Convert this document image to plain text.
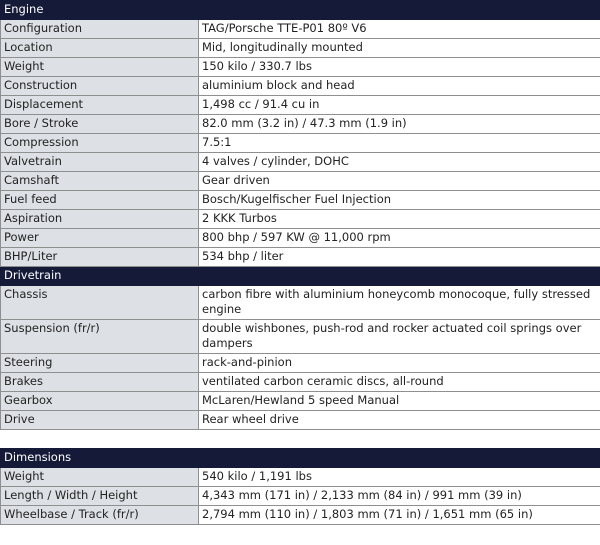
Engine	
Configuration	TAG/Porsche TTE-P01 80º V6
Location	Mid, longitudinally mounted
Weight	150 kilo / 330.7 lbs
Construction	aluminium block and head
Displacement	1,498 cc / 91.4 cu in
Bore / Stroke	82.0 mm (3.2 in) / 47.3 mm (1.9 in)
Compression	7.5:1
Valvetrain	4 valves / cylinder, DOHC
Camshaft	Gear driven
Fuel feed	Bosch/Kugelfischer Fuel Injection
Aspiration	2 KKK Turbos
Power	800 bhp / 597 KW @ 11,000 rpm
BHP/Liter	534 bhp / liter
Drivetrain	
Chassis	carbon fibre with aluminium honeycomb monocoque, fully stressed engine
Suspension (fr/r)	double wishbones, push-rod and rocker actuated coil springs over dampers
Steering	rack-and-pinion
Brakes	ventilated carbon ceramic discs, all-round
Gearbox	McLaren/Hewland 5 speed Manual
Drive	Rear wheel drive
Dimensions	
Weight	540 kilo / 1,191 lbs
Length / Width / Height	4,343 mm (171 in) / 2,133 mm (84 in) / 991 mm (39 in)
Wheelbase / Track (fr/r)	2,794 mm (110 in) / 1,803 mm (71 in) / 1,651 mm (65 in)
